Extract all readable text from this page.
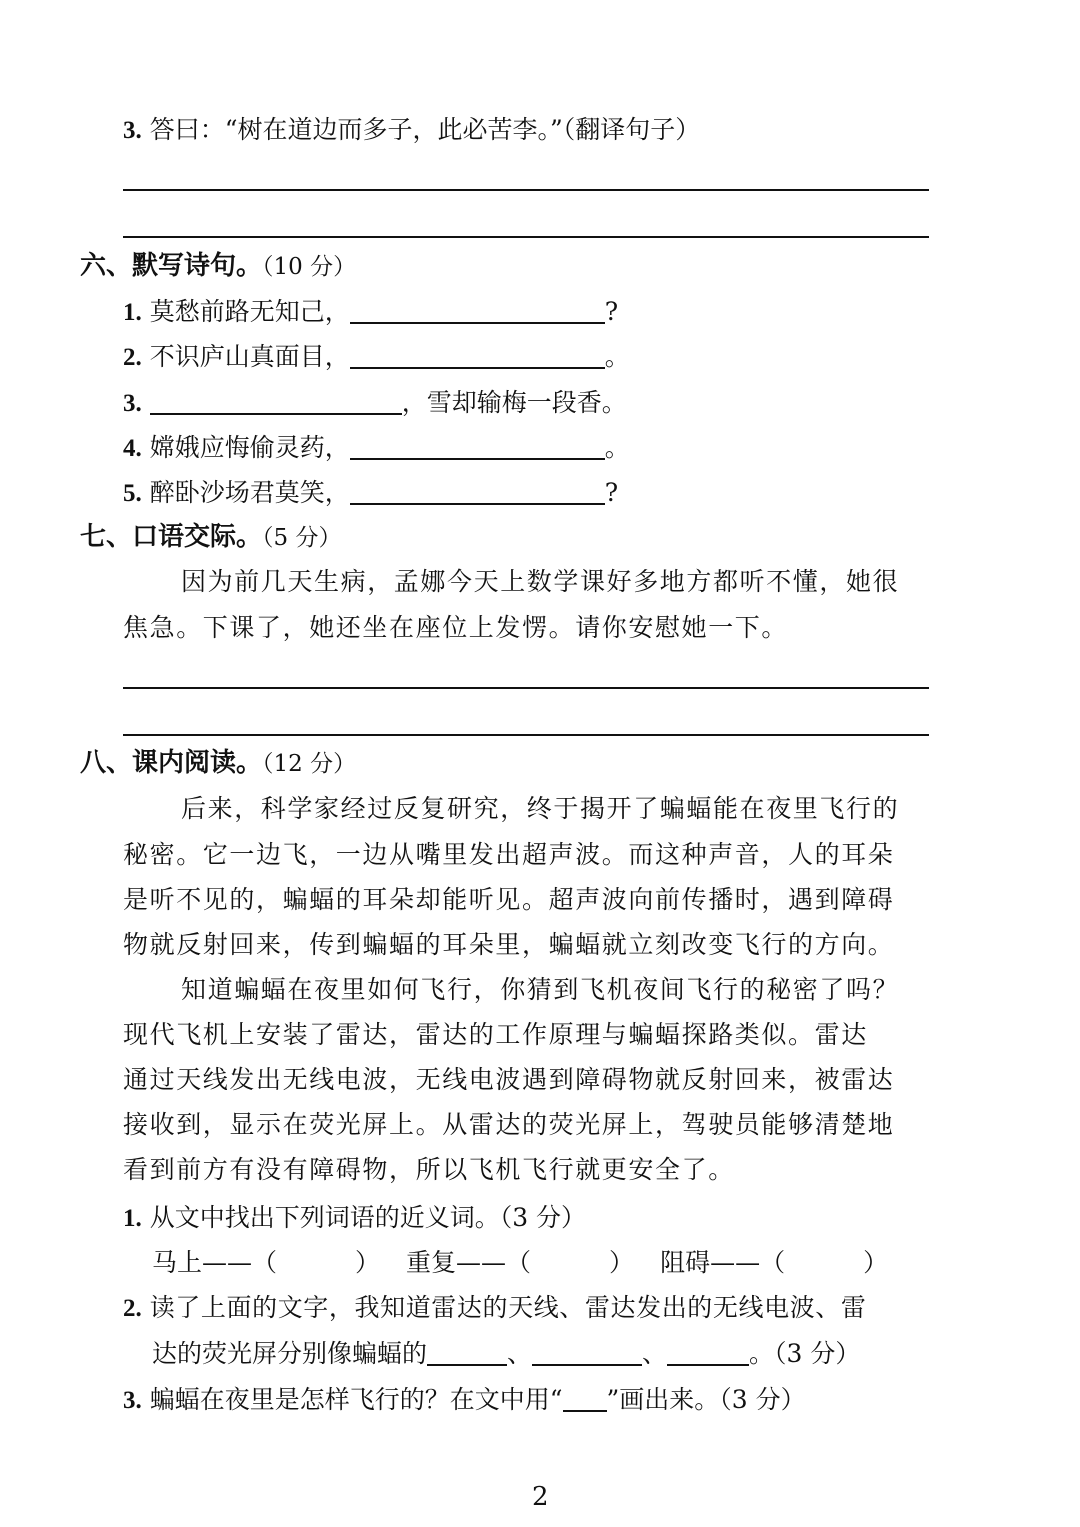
3. 答曰：“树在道边而多子，此必苦李。”（翻译句子）
六、默写诗句。（10 分）
1. 莫愁前路无知己，	?
2. 不识庐山真面目，	。
3.	，雪却输梅一段香。
4. 嫦娥应悔偷灵药，	。
5. 醉卧沙场君莫笑，	?
七、口语交际。（5 分）
因为前几天生病，孟娜今天上数学课好多地方都听不懂，她很
焦急。下课了，她还坐在座位上发愣。请你安慰她一下。
八、课内阅读。（12 分）
后来，科学家经过反复研究，终于揭开了蝙蝠能在夜里飞行的
秘密。它一边飞，一边从嘴里发出超声波。而这种声音，人的耳朵
是听不见的，蝙蝠的耳朵却能听见。超声波向前传播时，遇到障碍
物就反射回来，传到蝙蝠的耳朵里，蝙蝠就立刻改变飞行的方向。
知道蝙蝠在夜里如何飞行，你猜到飞机夜间飞行的秘密了吗？
现代飞机上安装了雷达，雷达的工作原理与蝙蝠探路类似。雷达
通过天线发出无线电波，无线电波遇到障碍物就反射回来，被雷达
接收到，显示在荧光屏上。从雷达的荧光屏上，驾驶员能够清楚地
看到前方有没有障碍物，所以飞机飞行就更安全了。
1. 从文中找出下列词语的近义词。（3 分）
马上——（	） 重复——（	） 阻碍——（	）
2. 读了上面的文字，我知道雷达的天线、雷达发出的无线电波、雷
达的荧光屏分别像蝙蝠的	、	、	。（3 分）
3. 蝙蝠在夜里是怎样飞行的？在文中用“ ”画出来。（3 分）
2
